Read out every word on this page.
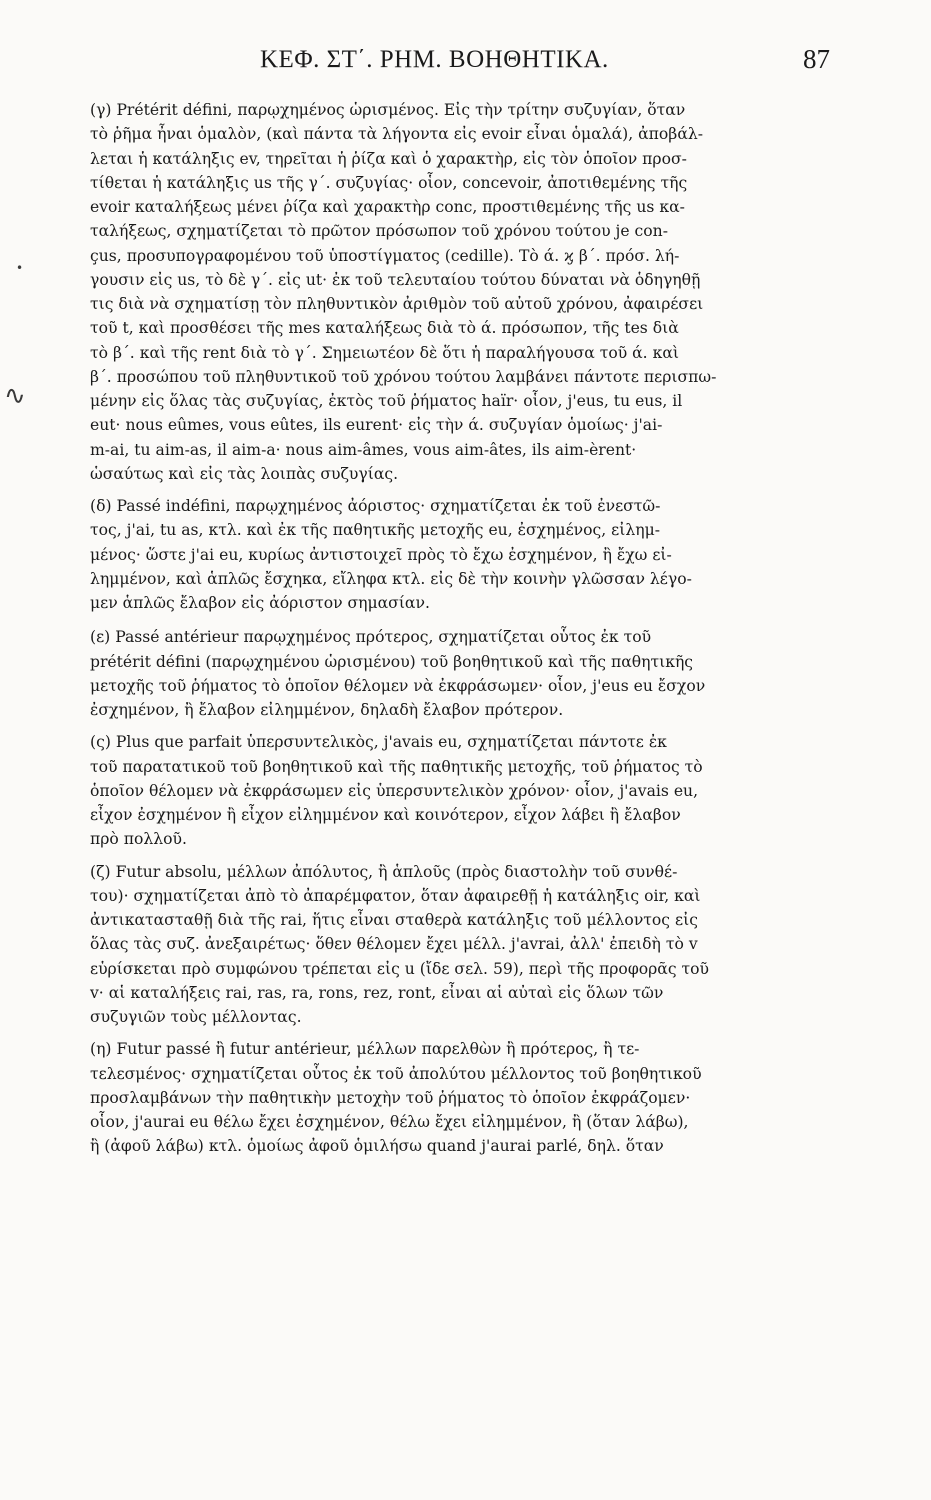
ΚΕΦ. ΣΤ΄. ΡΗΜ. ΒΟΗΘΗΤΙΚΑ.	87
•
∿

(γ) Prétérit défini, παρῳχημένος ὡρισμένος. Εἰς τὴν τρίτην συζυγίαν, ὅταν
τὸ ῥῆμα ἦναι ὁμαλὸν, (καὶ πάντα τὰ λήγοντα εἰς evoir εἶναι ὁμαλά), ἀποβάλ-
λεται ἡ κατάληξις ev, τηρεῖται ἡ ῥίζα καὶ ὁ χαρακτὴρ, εἰς τὸν ὁποῖον προσ-
τίθεται ἡ κατάληξις us τῆς γ΄. συζυγίας· οἷον, concevoir, ἀποτιθεμένης τῆς
evoir καταλήξεως μένει ῥίζα καὶ χαρακτὴρ conc, προστιθεμένης τῆς us κα-
ταλήξεως, σχηματίζεται τὸ πρῶτον πρόσωπον τοῦ χρόνου τούτου je con-
çus, προσυπογραφομένου τοῦ ὑποστίγματος (cedille). Τὸ ά. ϗ β΄. πρόσ. λή-
γουσιν εἰς us, τὸ δὲ γ΄. εἰς ut· ἐκ τοῦ τελευταίου τούτου δύναται νὰ ὁδηγηθῇ
τις διὰ νὰ σχηματίσῃ τὸν πληθυντικὸν ἀριθμὸν τοῦ αὐτοῦ χρόνου, ἀφαιρέσει
τοῦ t, καὶ προσθέσει τῆς mes καταλήξεως διὰ τὸ ά. πρόσωπον, τῆς tes διὰ
τὸ β΄. καὶ τῆς rent διὰ τὸ γ΄. Σημειωτέον δὲ ὅτι ἡ παραλήγουσα τοῦ ά. καὶ
β΄. προσώπου τοῦ πληθυντικοῦ τοῦ χρόνου τούτου λαμβάνει πάντοτε περισπω-
μένην εἰς ὅλας τὰς συζυγίας, ἐκτὸς τοῦ ῥήματος haïr· οἷον, j'eus, tu eus, il
eut· nous eûmes, vous eûtes, ils eurent· εἰς τὴν ά. συζυγίαν ὁμοίως· j'ai-
m-ai, tu aim-as, il aim-a· nous aim-âmes, vous aim-âtes, ils aim-èrent·
ὡσαύτως καὶ εἰς τὰς λοιπὰς συζυγίας.

(δ) Passé indéfini, παρῳχημένος ἀόριστος· σχηματίζεται ἐκ τοῦ ἐνεστῶ-
τος, j'ai, tu as, κτλ. καὶ ἐκ τῆς παθητικῆς μετοχῆς eu, ἐσχημένος, εἰλημ-
μένος· ὥστε j'ai eu, κυρίως ἀντιστοιχεῖ πρὸς τὸ ἔχω ἐσχημένον, ἢ ἔχω εἰ-
λημμένον, καὶ ἁπλῶς ἔσχηκα, εἴληφα κτλ. εἰς δὲ τὴν κοινὴν γλῶσσαν λέγο-
μεν ἁπλῶς ἔλαβον εἰς ἀόριστον σημασίαν.

(ε) Passé antérieur παρῳχημένος πρότερος, σχηματίζεται οὗτος ἐκ τοῦ
prétérit défini (παρῳχημένου ὡρισμένου) τοῦ βοηθητικοῦ καὶ τῆς παθητικῆς
μετοχῆς τοῦ ῥήματος τὸ ὁποῖον θέλομεν νὰ ἐκφράσωμεν· οἷον, j'eus eu ἔσχον
ἐσχημένον, ἢ ἔλαβον εἰλημμένον, δηλαδὴ ἔλαβον πρότερον.

(ς) Plus que parfait ὑπερσυντελικὸς, j'avais eu, σχηματίζεται πάντοτε ἐκ
τοῦ παρατατικοῦ τοῦ βοηθητικοῦ καὶ τῆς παθητικῆς μετοχῆς, τοῦ ῥήματος τὸ
ὁποῖον θέλομεν νὰ ἐκφράσωμεν εἰς ὑπερσυντελικὸν χρόνον· οἷον, j'avais eu,
εἶχον ἐσχημένον ἢ εἶχον εἰλημμένον καὶ κοινότερον, εἶχον λάβει ἢ ἔλαβον
πρὸ πολλοῦ.

(ζ) Futur absolu, μέλλων ἀπόλυτος, ἢ ἁπλοῦς (πρὸς διαστολὴν τοῦ συνθέ-
του)· σχηματίζεται ἀπὸ τὸ ἀπαρέμφατον, ὅταν ἀφαιρεθῇ ἡ κατάληξις oir, καὶ
ἀντικατασταθῇ διὰ τῆς rai, ἥτις εἶναι σταθερὰ κατάληξις τοῦ μέλλοντος εἰς
ὅλας τὰς συζ. ἀνεξαιρέτως· ὅθεν θέλομεν ἔχει μέλλ. j'avrai, ἀλλ' ἐπειδὴ τὸ v
εὑρίσκεται πρὸ συμφώνου τρέπεται εἰς u (ἴδε σελ. 59), περὶ τῆς προφορᾶς τοῦ
v· αἱ καταλήξεις rai, ras, ra, rons, rez, ront, εἶναι αἱ αὐταὶ εἰς ὅλων τῶν
συζυγιῶν τοὺς μέλλοντας.

(η) Futur passé ἢ futur antérieur, μέλλων παρελθὼν ἢ πρότερος, ἢ τε-
τελεσμένος· σχηματίζεται οὗτος ἐκ τοῦ ἀπολύτου μέλλοντος τοῦ βοηθητικοῦ
προσλαμβάνων τὴν παθητικὴν μετοχὴν τοῦ ῥήματος τὸ ὁποῖον ἐκφράζομεν·
οἷον, j'aurai eu θέλω ἔχει ἐσχημένον, θέλω ἔχει εἰλημμένον, ἢ (ὅταν λάβω),
ἢ (ἀφοῦ λάβω) κτλ. ὁμοίως ἀφοῦ ὁμιλήσω quand j'aurai parlé, δηλ. ὅταν
